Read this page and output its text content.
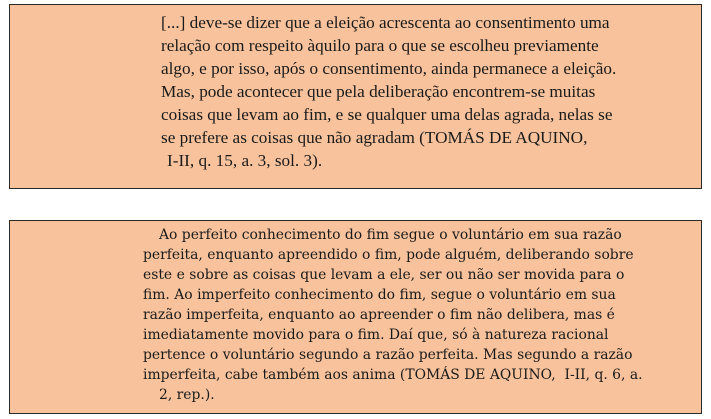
[...] deve-se dizer que a eleição acrescenta ao consentimento uma
relação com respeito àquilo para o que se escolheu previamente
algo, e por isso, após o consentimento, ainda permanece a eleição.
Mas, pode acontecer que pela deliberação encontrem-se muitas
coisas que levam ao fim, e se qualquer uma delas agrada, nelas se
se prefere as coisas que não agradam (TOMÁS DE AQUINO,
I-II, q. 15, a. 3, sol. 3).
Ao perfeito conhecimento do fim segue o voluntário em sua razão
perfeita, enquanto apreendido o fim, pode alguém, deliberando sobre
este e sobre as coisas que levam a ele, ser ou não ser movida para o
fim. Ao imperfeito conhecimento do fim, segue o voluntário em sua
razão imperfeita, enquanto ao apreender o fim não delibera, mas é
imediatamente movido para o fim. Daí que, só à natureza racional
pertence o voluntário segundo a razão perfeita. Mas segundo a razão
imperfeita, cabe também aos anima (TOMÁS DE AQUINO,  I-II, q. 6, a.
2, rep.).
